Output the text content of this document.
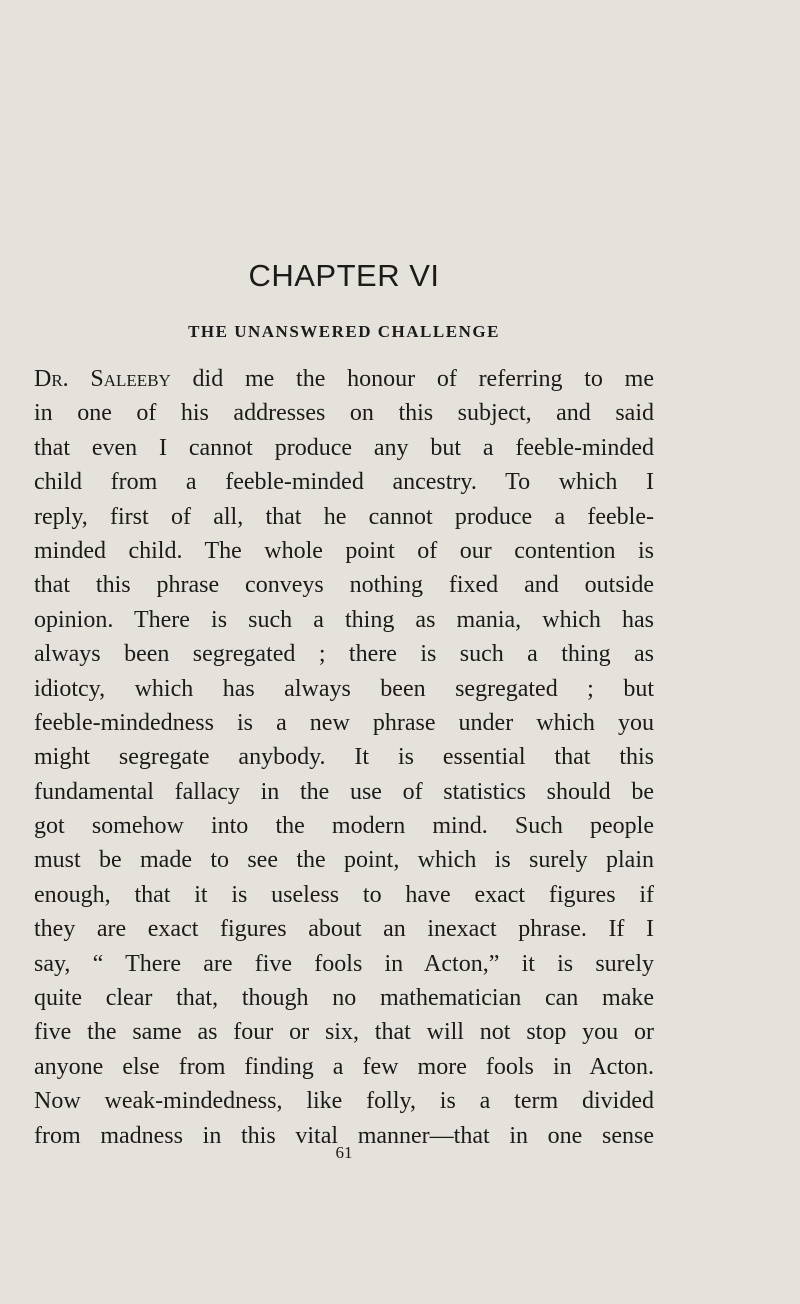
CHAPTER VI
THE UNANSWERED CHALLENGE
Dr. Saleeby did me the honour of referring to me
in one of his addresses on this subject, and said
that even I cannot produce any but a feeble-minded
child from a feeble-minded ancestry. To which I
reply, first of all, that he cannot produce a feeble-
minded child. The whole point of our contention is
that this phrase conveys nothing fixed and outside
opinion. There is such a thing as mania, which has
always been segregated ; there is such a thing as
idiotcy, which has always been segregated ; but
feeble-mindedness is a new phrase under which you
might segregate anybody. It is essential that this
fundamental fallacy in the use of statistics should be
got somehow into the modern mind. Such people
must be made to see the point, which is surely plain
enough, that it is useless to have exact figures if
they are exact figures about an inexact phrase. If I
say, “ There are five fools in Acton,” it is surely
quite clear that, though no mathematician can make
five the same as four or six, that will not stop you or
anyone else from finding a few more fools in Acton.
Now weak-mindedness, like folly, is a term divided
from madness in this vital manner—that in one sense
61
